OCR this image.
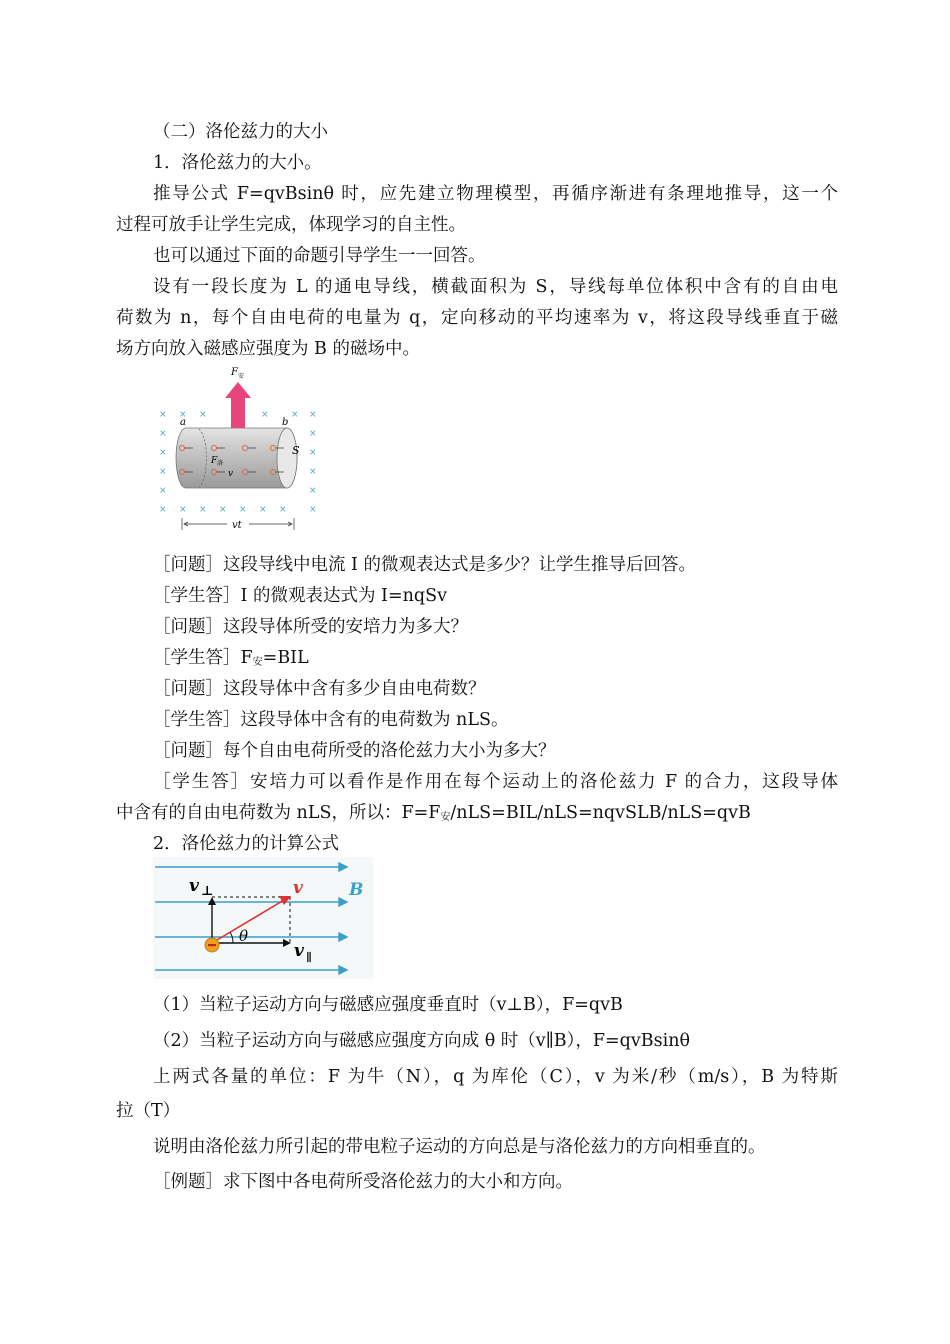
（二）洛伦兹力的大小
1．洛伦兹力的大小。
推导公式 F=qvBsinθ 时，应先建立物理模型，再循序渐进有条理地推导，这一个
过程可放手让学生完成，体现学习的自主性。
也可以通过下面的命题引导学生一一回答。
设有一段长度为 L 的通电导线，横截面积为 S，导线每单位体积中含有的自由电
荷数为 n，每个自由电荷的电量为 q，定向移动的平均速率为 v，将这段导线垂直于磁
场方向放入磁感应强度为 B 的磁场中。
×
×
×
×
×
×
×
×
×
×
×
×
× ×	× ×
× × × × × ×
F 安
a	b
S
F 洛
v
vt
［问题］这段导线中电流 I 的微观表达式是多少？让学生推导后回答。
［学生答］I 的微观表达式为 I=nqSv
［问题］这段导体所受的安培力为多大？
［学生答$]F_安=BIL$
［问题］这段导体中含有多少自由电荷数？
［学生答］这段导体中含有的电荷数为 nLS。
［问题］每个自由电荷所受的洛伦兹力大小为多大？
［学生答］安培力可以看作是作用在每个运动上的洛伦兹力 F 的合力，这段导体
中含有的自由电荷数为 nLS，所以：$F=F_安/nLS=BIL/nLS=nqvSLB/nLS=qvB$
2．洛伦兹力的计算公式
B
θ
v ⊥	v
v ∥
（1）当粒子运动方向与磁感应强度垂直时（v⊥B），F=qvB
（2）当粒子运动方向与磁感应强度方向成 θ 时（v∥B），F=qvBsinθ
上两式各量的单位：F 为牛（N），q 为库伦（C），v 为米/秒（m/s），B 为特斯
拉（T）
说明由洛伦兹力所引起的带电粒子运动的方向总是与洛伦兹力的方向相垂直的。
［例题］求下图中各电荷所受洛伦兹力的大小和方向。
